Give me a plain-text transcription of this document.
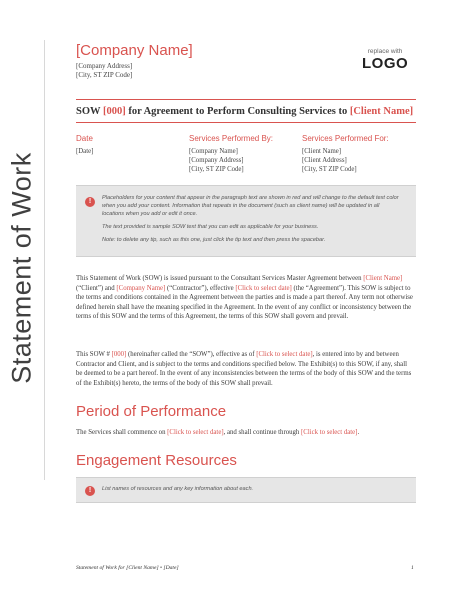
Statement of Work
[Company Name]
[Company Address]
[City, ST ZIP Code]
replace with
LOGO
SOW [000] for Agreement to Perform Consulting Services to [Client Name]
Date
[Date]
Services Performed By:
[Company Name]
[Company Address]
[City, ST ZIP Code]
Services Performed For:
[Client Name]
[Client Address]
[City, ST ZIP Code]
!	Placeholders for your content that appear in the paragraph text are shown in red and will change to the default text color when you add your content. Information that repeats in the document (such as client name) will be updated in all locations when you add or edit it once.
The text provided is sample SOW text that you can edit as applicable for your business.
Note: to delete any tip, such as this one, just click the tip text and then press the spacebar.
This Statement of Work (SOW) is issued pursuant to the Consultant Services Master Agreement between [Client Name] (“Client”) and [Company Name] (“Contractor”), effective [Click to select date] (the “Agreement”). This SOW is subject to the terms and conditions contained in the Agreement between the parties and is made a part thereof. Any term not otherwise defined herein shall have the meaning specified in the Agreement. In the event of any conflict or inconsistency between the terms of this SOW and the terms of this Agreement, the terms of this SOW shall govern and prevail.
This SOW # [000] (hereinafter called the “SOW”), effective as of [Click to select date], is entered into by and between Contractor and Client, and is subject to the terms and conditions specified below. The Exhibit(s) to this SOW, if any, shall be deemed to be a part hereof. In the event of any inconsistencies between the terms of the body of this SOW and the terms of the Exhibit(s) hereto, the terms of the body of this SOW shall prevail.
Period of Performance
The Services shall commence on [Click to select date], and shall continue through [Click to select date].
Engagement Resources
!	List names of resources and any key information about each.
Statement of Work for [Client Name] • [Date]	1
